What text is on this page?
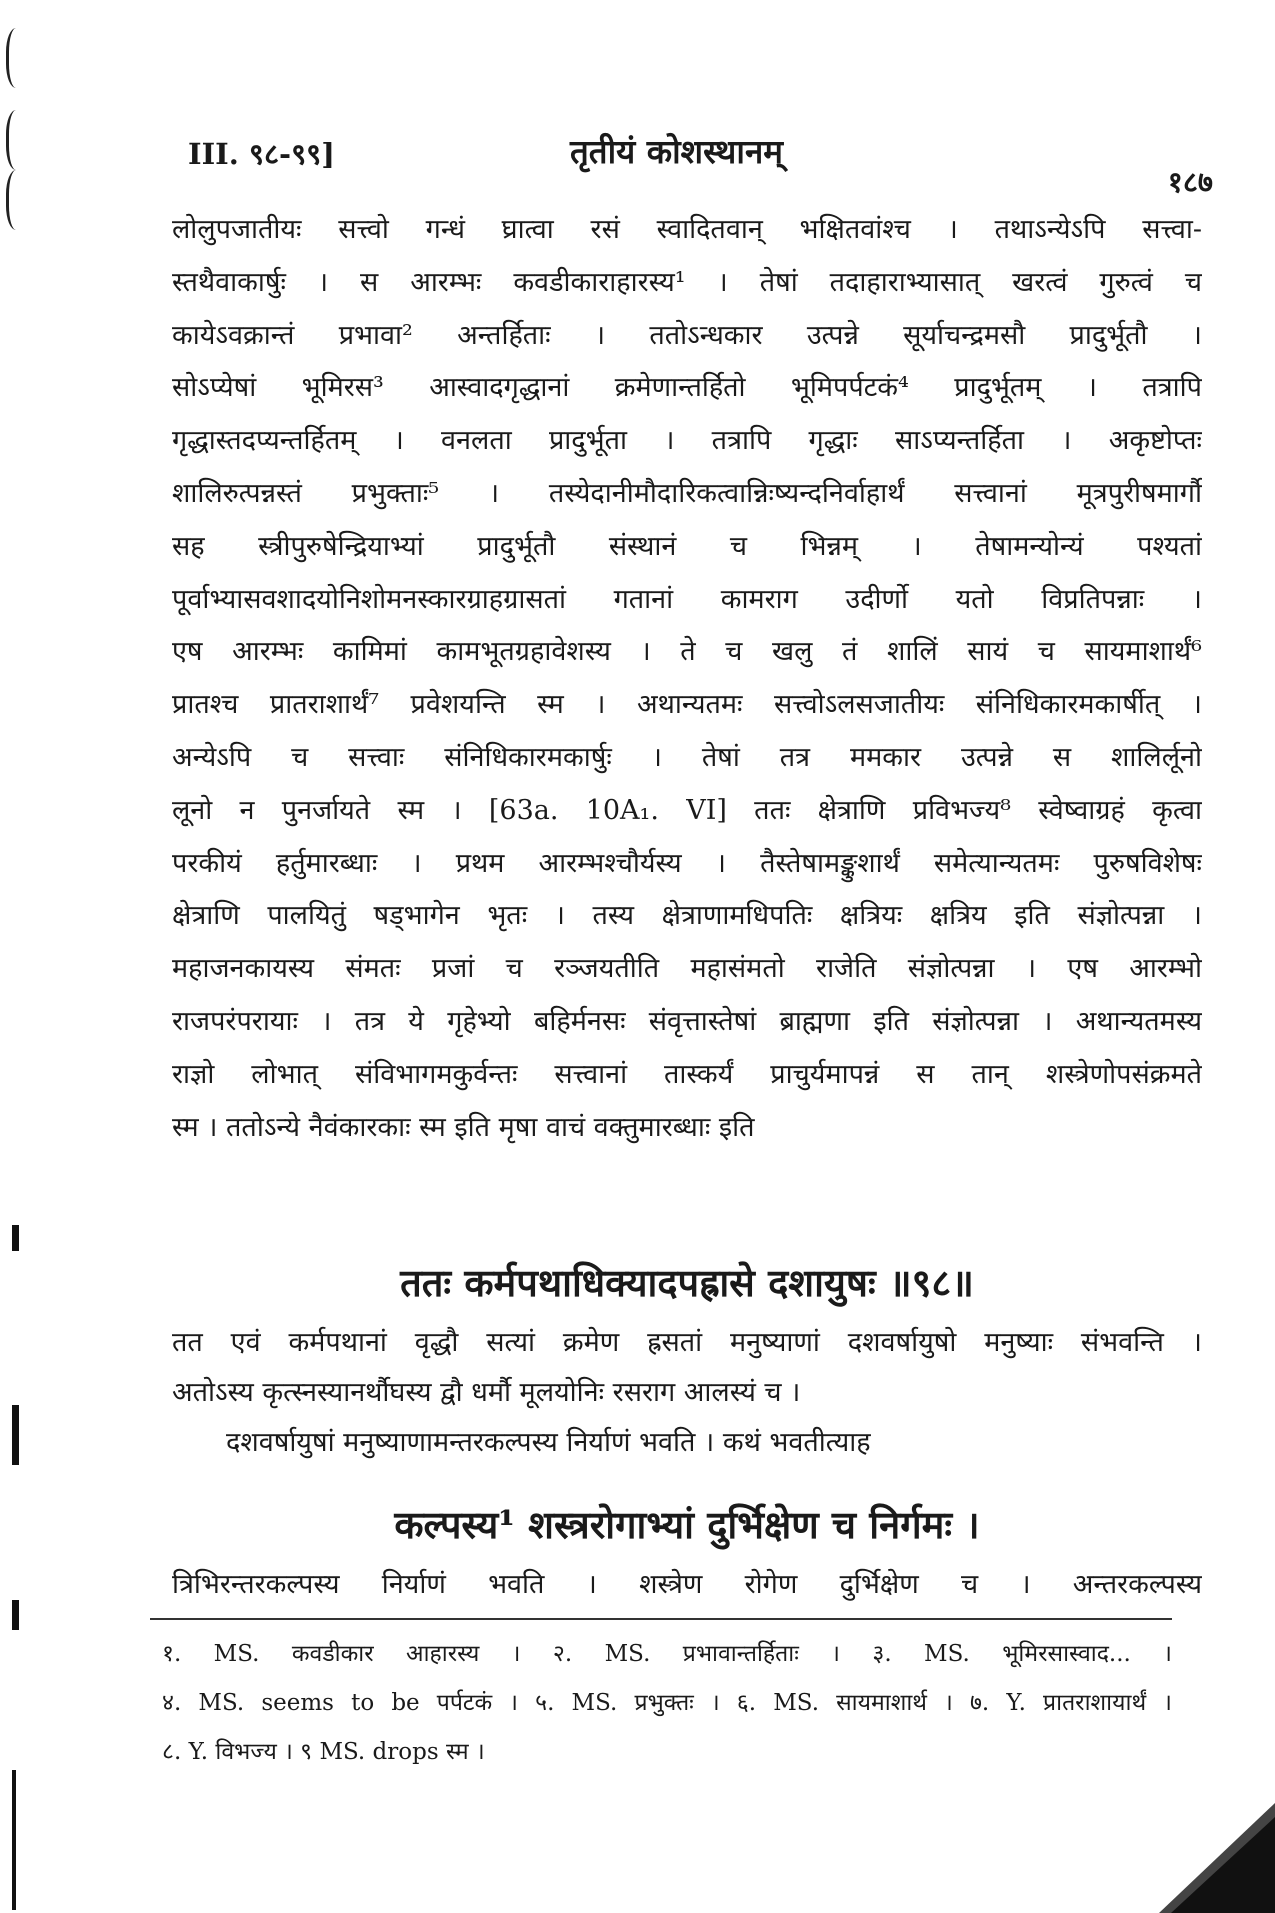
III. ९८-९९]	तृतीयं कोशस्थानम्
१८७
लोलुपजातीयः सत्त्वो गन्धं घ्रात्वा रसं स्वादितवान् भक्षितवांश्च । तथाऽन्येऽपि सत्त्वा-
स्तथैवाकार्षुः । स आरम्भः कवडीकाराहारस्य¹ । तेषां तदाहाराभ्यासात् खरत्वं गुरुत्वं च
कायेऽवक्रान्तं प्रभावा² अन्तर्हिताः । ततोऽन्धकार उत्पन्ने सूर्याचन्द्रमसौ प्रादुर्भूतौ ।
सोऽप्येषां भूमिरस³ आस्वादगृद्धानां क्रमेणान्तर्हितो भूमिपर्पटकं⁴ प्रादुर्भूतम् । तत्रापि
गृद्धास्तदप्यन्तर्हितम् । वनलता प्रादुर्भूता । तत्रापि गृद्धाः साऽप्यन्तर्हिता । अकृष्टोप्तः
शालिरुत्पन्नस्तं प्रभुक्ताः⁵ । तस्येदानीमौदारिकत्वान्निःष्यन्दनिर्वाहार्थं सत्त्वानां मूत्रपुरीषमार्गौ
सह स्त्रीपुरुषेन्द्रियाभ्यां प्रादुर्भूतौ संस्थानं च भिन्नम् । तेषामन्योन्यं पश्यतां
पूर्वाभ्यासवशादयोनिशोमनस्कारग्राहग्रासतां गतानां कामराग उदीर्णो यतो विप्रतिपन्नाः ।
एष आरम्भः कामिमां कामभूतग्रहावेशस्य । ते च खलु तं शालिं सायं च सायमाशार्थं⁶
प्रातश्च प्रातराशार्थं⁷ प्रवेशयन्ति स्म । अथान्यतमः सत्त्वोऽलसजातीयः संनिधिकारमकार्षीत् ।
अन्येऽपि च सत्त्वाः संनिधिकारमकार्षुः । तेषां तत्र ममकार उत्पन्ने स शालिर्लूनो
लूनो न पुनर्जायते स्म । [63a. 10A₁. VI] ततः क्षेत्राणि प्रविभज्य⁸ स्वेष्वाग्रहं कृत्वा
परकीयं हर्तुमारब्धाः । प्रथम आरम्भश्चौर्यस्य । तैस्तेषामङ्कुशार्थं समेत्यान्यतमः पुरुषविशेषः
क्षेत्राणि पालयितुं षड्भागेन भृतः । तस्य क्षेत्राणामधिपतिः क्षत्रियः क्षत्रिय इति संज्ञोत्पन्ना ।
महाजनकायस्य संमतः प्रजां च रञ्जयतीति महासंमतो राजेति संज्ञोत्पन्ना । एष आरम्भो
राजपरंपरायाः । तत्र ये गृहेभ्यो बहिर्मनसः संवृत्तास्तेषां ब्राह्मणा इति संज्ञोत्पन्ना । अथान्यतमस्य
राज्ञो लोभात् संविभागमकुर्वन्तः सत्त्वानां तास्कर्यं प्राचुर्यमापन्नं स तान् शस्त्रेणोपसंक्रमते
स्म । ततोऽन्ये नैवंकारकाः स्म इति मृषा वाचं वक्तुमारब्धाः इति
ततः कर्मपथाधिक्यादपह्रासे दशायुषः ॥९८॥
तत एवं कर्मपथानां वृद्धौ सत्यां क्रमेण ह्रसतां मनुष्याणां दशवर्षायुषो मनुष्याः संभवन्ति ।
अतोऽस्य कृत्स्नस्यानर्थौघस्य द्वौ धर्मौ मूलयोनिः रसराग आलस्यं च ।
दशवर्षायुषां मनुष्याणामन्तरकल्पस्य निर्याणं भवति । कथं भवतीत्याह
कल्पस्य¹ शस्त्ररोगाभ्यां दुर्भिक्षेण च निर्गमः ।
त्रिभिरन्तरकल्पस्य निर्याणं भवति । शस्त्रेण रोगेण दुर्भिक्षेण च । अन्तरकल्पस्य
१. MS. कवडीकार आहारस्य । २. MS. प्रभावान्तर्हिताः । ३. MS. भूमिरसास्वाद... ।
४. MS. seems to be पर्पटकं । ५. MS. प्रभुक्तः । ६. MS. सायमाशार्थ । ७. Y. प्रातराशायार्थं ।
८. Y. विभज्य । ९ MS. drops स्म ।
